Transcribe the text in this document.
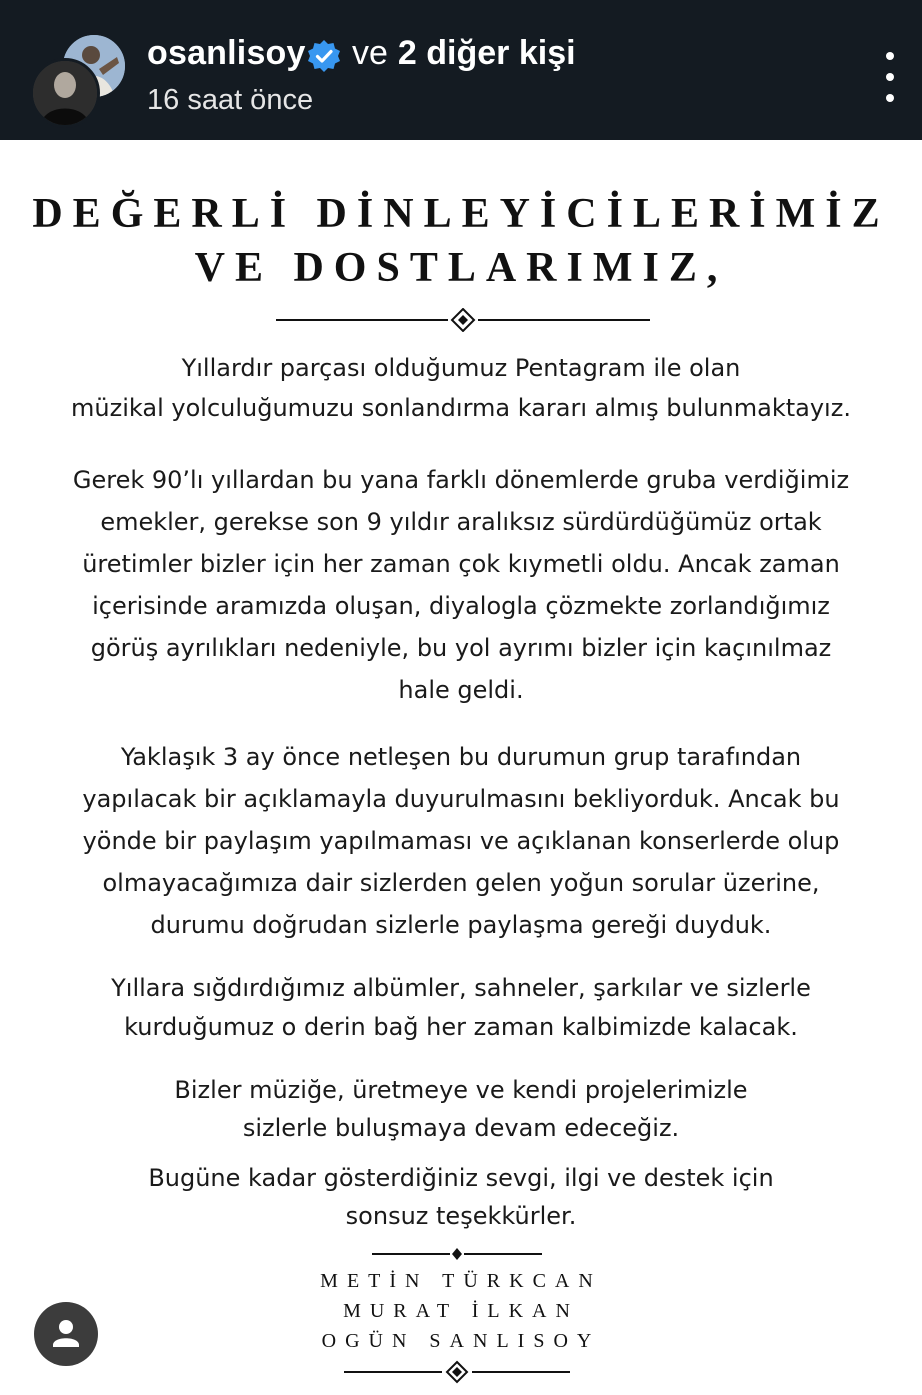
osanlisoy ve 2 diğer kişi
16 saat önce
DEĞERLİ DİNLEYİCİLERİMİZ
VE DOSTLARIMIZ,
Yıllardır parçası olduğumuz Pentagram ile olan
müzikal yolculuğumuzu sonlandırma kararı almış bulunmaktayız.
Gerek 90’lı yıllardan bu yana farklı dönemlerde gruba verdiğimiz
emekler, gerekse son 9 yıldır aralıksız sürdürdüğümüz ortak
üretimler bizler için her zaman çok kıymetli oldu. Ancak zaman
içerisinde aramızda oluşan, diyalogla çözmekte zorlandığımız
görüş ayrılıkları nedeniyle, bu yol ayrımı bizler için kaçınılmaz
hale geldi.
Yaklaşık 3 ay önce netleşen bu durumun grup tarafından
yapılacak bir açıklamayla duyurulmasını bekliyorduk. Ancak bu
yönde bir paylaşım yapılmaması ve açıklanan konserlerde olup
olmayacağımıza dair sizlerden gelen yoğun sorular üzerine,
durumu doğrudan sizlerle paylaşma gereği duyduk.
Yıllara sığdırdığımız albümler, sahneler, şarkılar ve sizlerle
kurduğumuz o derin bağ her zaman kalbimizde kalacak.
Bizler müziğe, üretmeye ve kendi projelerimizle
sizlerle buluşmaya devam edeceğiz.
Bugüne kadar gösterdiğiniz sevgi, ilgi ve destek için
sonsuz teşekkürler.
METİN TÜRKCAN
MURAT İLKAN
OGÜN SANLISOY
